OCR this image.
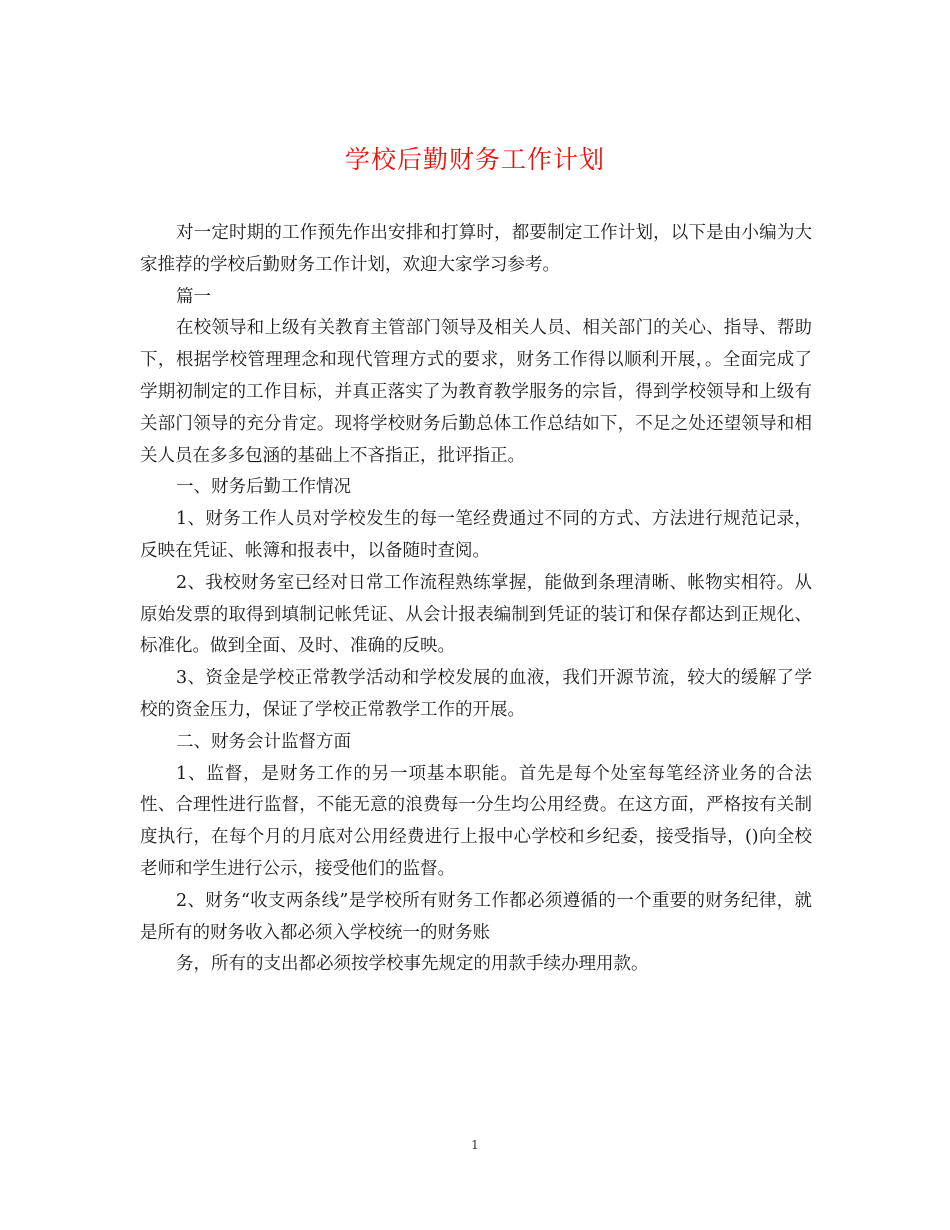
学校后勤财务工作计划

对一定时期的工作预先作出安排和打算时，都要制定工作计划，以下是由小编为大家推荐的学校后勤财务工作计划，欢迎大家学习参考。

篇一

在校领导和上级有关教育主管部门领导及相关人员、相关部门的关心、指导、帮助下，根据学校管理理念和现代管理方式的要求，财务工作得以顺利开展，。全面完成了学期初制定的工作目标，并真正落实了为教育教学服务的宗旨，得到学校领导和上级有关部门领导的充分肯定。现将学校财务后勤总体工作总结如下，不足之处还望领导和相关人员在多多包涵的基础上不吝指正，批评指正。

一、财务后勤工作情况

1、财务工作人员对学校发生的每一笔经费通过不同的方式、方法进行规范记录，反映在凭证、帐簿和报表中，以备随时查阅。

2、我校财务室已经对日常工作流程熟练掌握，能做到条理清晰、帐物实相符。从原始发票的取得到填制记帐凭证、从会计报表编制到凭证的装订和保存都达到正规化、标准化。做到全面、及时、准确的反映。

3、资金是学校正常教学活动和学校发展的血液，我们开源节流，较大的缓解了学校的资金压力，保证了学校正常教学工作的开展。

二、财务会计监督方面

1、监督，是财务工作的另一项基本职能。首先是每个处室每笔经济业务的合法性、合理性进行监督，不能无意的浪费每一分生均公用经费。在这方面，严格按有关制度执行，在每个月的月底对公用经费进行上报中心学校和乡纪委，接受指导，()向全校老师和学生进行公示，接受他们的监督。

2、财务“收支两条线”是学校所有财务工作都必须遵循的一个重要的财务纪律，就是所有的财务收入都必须入学校统一的财务账

务，所有的支出都必须按学校事先规定的用款手续办理用款。

1
